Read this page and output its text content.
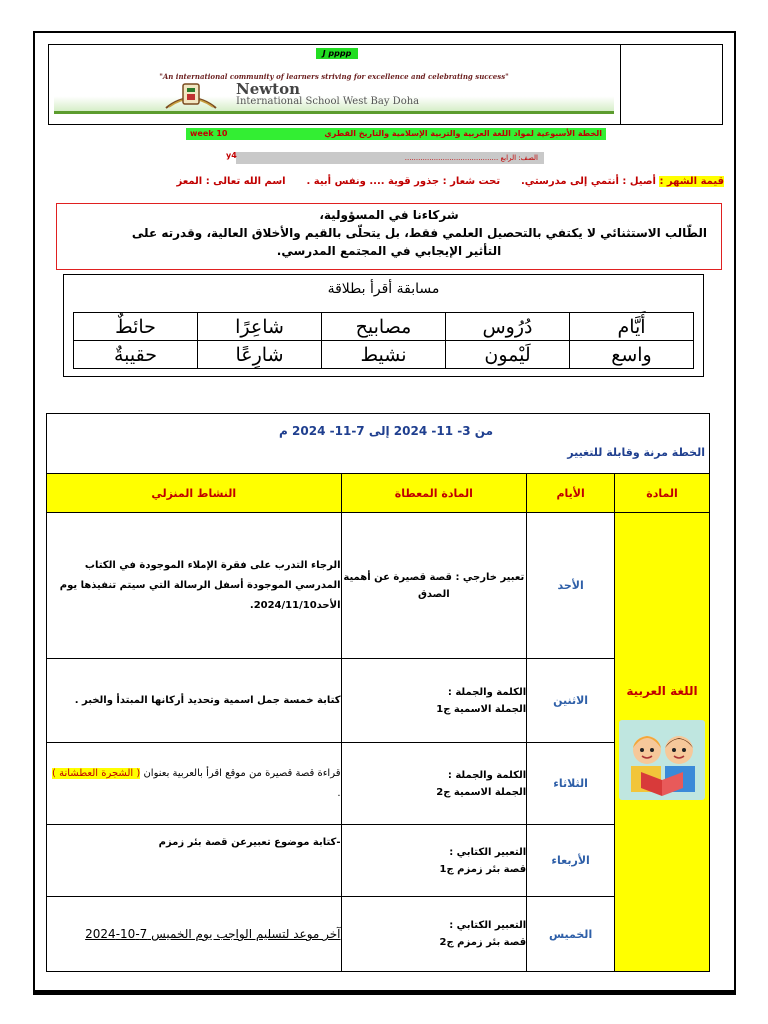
J pppp
"An international community of learners striving for excellence and celebrating success"
Newton
International School West Bay Doha
الخطة الأسبوعية لمواد اللغة العربية والتربية الإسلامية والتاريخ القطري
week 10
الصف: الرابع ..........................................
y4
قيمة الشهر : أصيل : أنتمي إلى مدرستي.      تحت شعار : جذور قوية .... ونفس أبية .      اسم الله تعالى : المعز
شركاءنا في المسؤولية،
الطّالب الاستثنائي لا يكتفي بالتحصيل العلمي فقط، بل يتحلّى بالقيم والأخلاق العالية، وقدرته على
التأثير الإيجابي في المجتمع المدرسي.
مسابقة أقرأ بطلاقة
أَيَّام	دُرُوس	مصابيح	شاعِرًا	حائطٌ
واسع	لَيْمون	نشيط	شارِعًا	حقيبةٌ
من 3- 11- 2024 إلى 7-11- 2024 م
الخطة مرنة وقابلة للتغيير			

المادة	الأيام	المادة المعطاة	النشاط المنزلي

اللغة العربية	الأحد	تعبير خارجي : قصة قصيرة عن أهمية الصدق	الرجاء التدرب على فقرة الإملاء الموجودة في الكتاب المدرسي الموجودة أسفل الرسالة التي سيتم تنفيذها يوم الأحد2024/11/10.
	الاثنين	الكلمة والجملة :
الجملة الاسمية ج1	كتابة خمسة جمل اسمية وتحديد أركانها المبتدأ والخبر .
	الثلاثاء	الكلمة والجملة :
الجملة الاسمية ج2	قراءة قصة قصيرة من موقع اقرأ بالعربية بعنوان ( الشجرة العطشانة ) .
	الأربعاء	التعبير الكتابي :
قصة بئر زمزم ج1	-كتابة موضوع تعبيرعن قصة بئر زمزم
	الخميس	التعبير الكتابي :
قصة بئر زمزم ج2	آخر موعد لتسليم الواجب يوم الخميس 7-10-2024
